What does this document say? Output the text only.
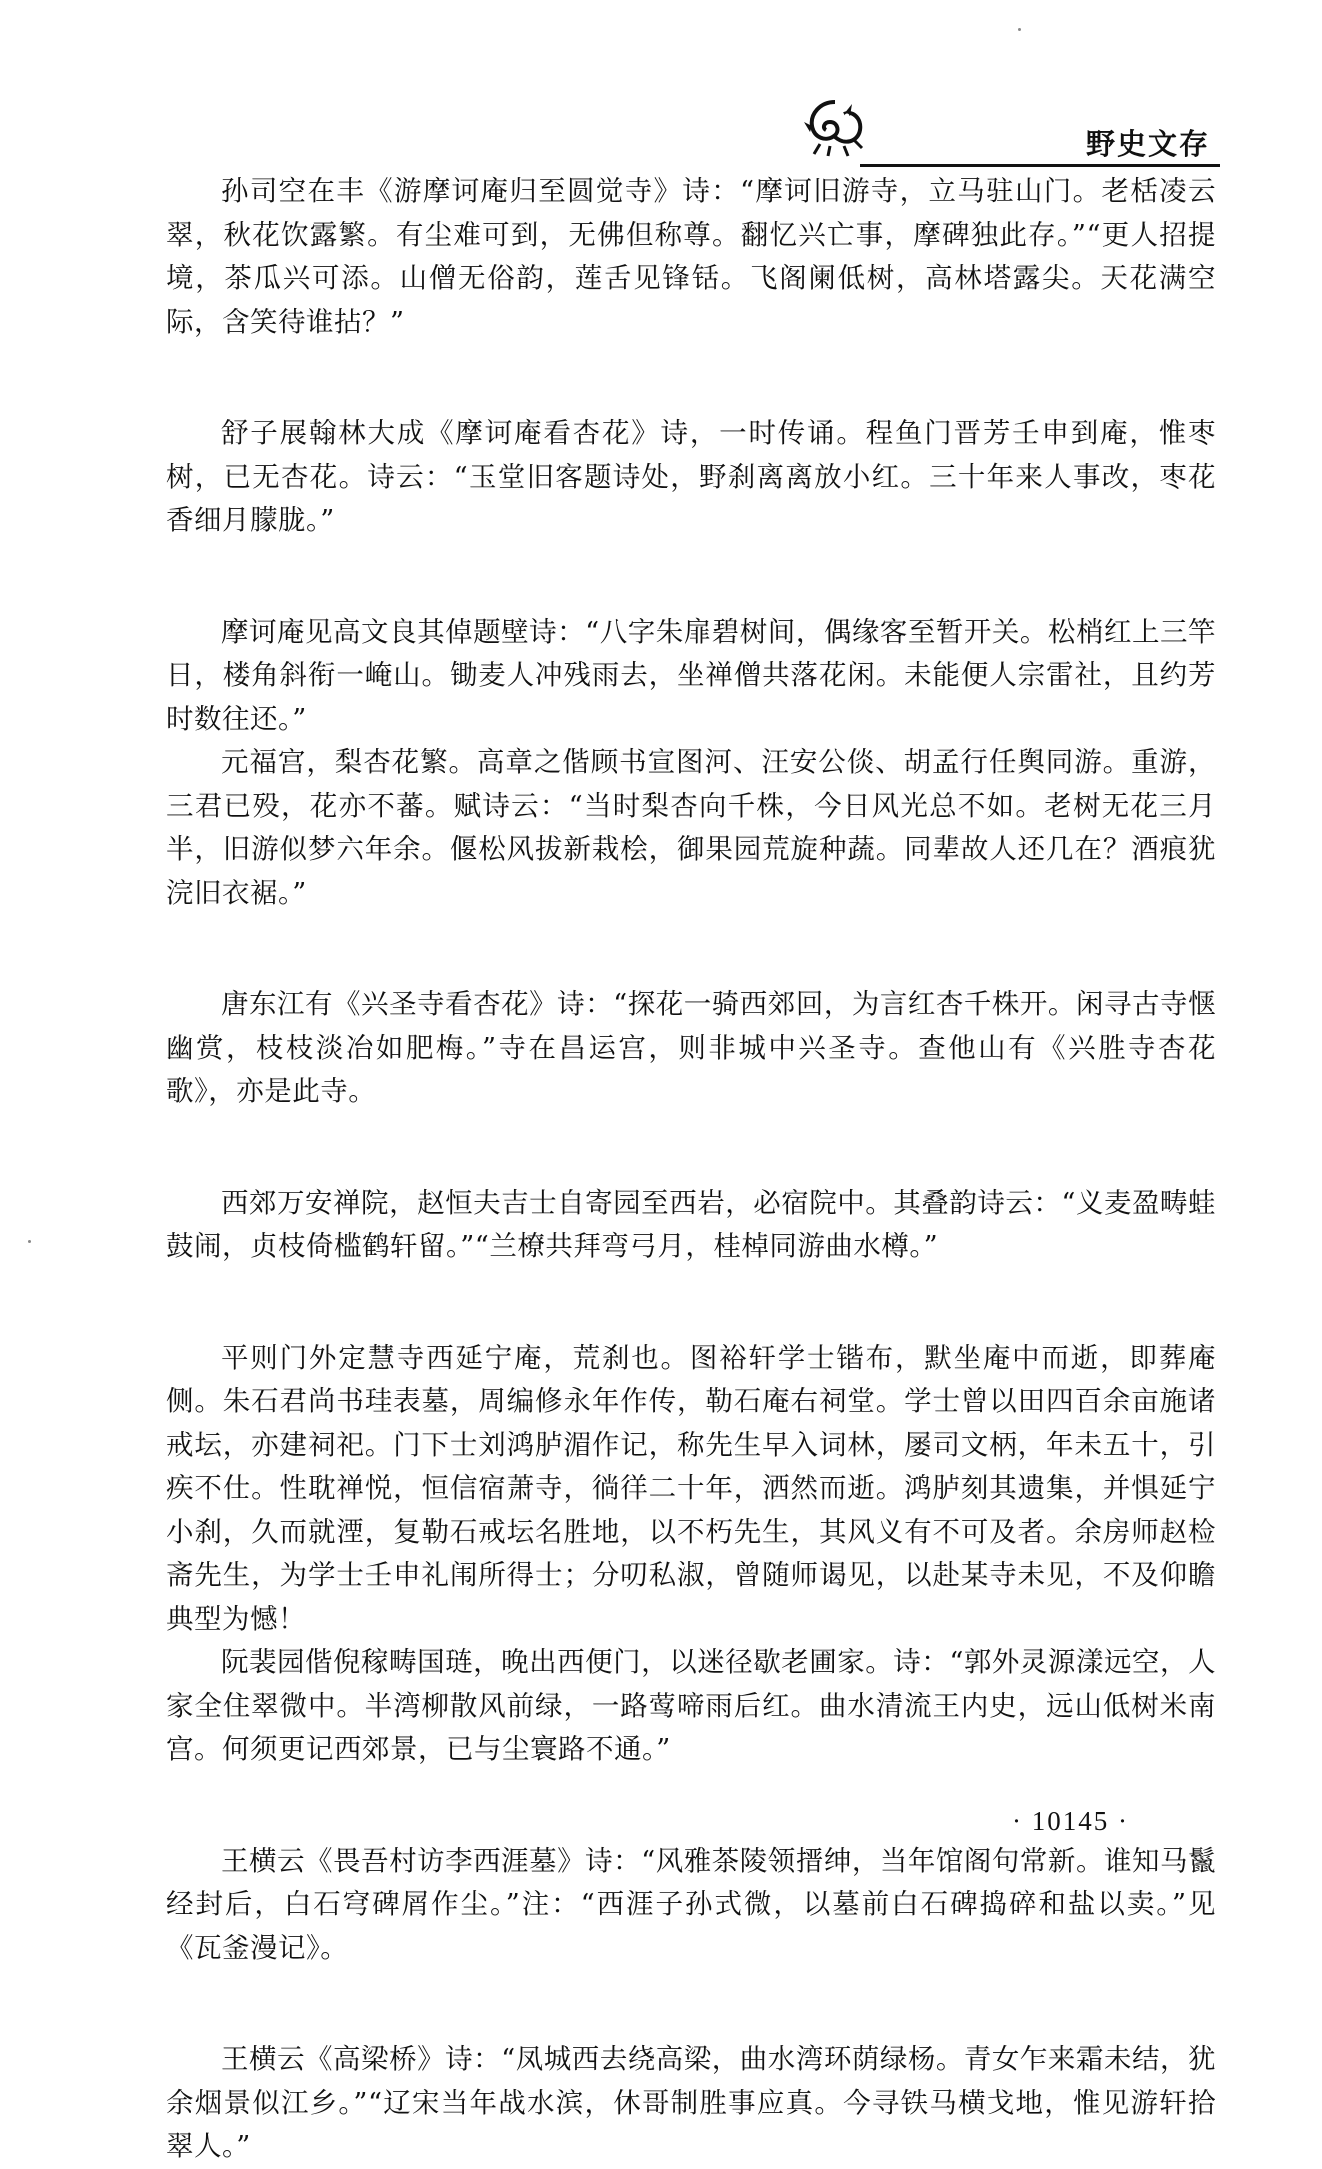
野史文存

孙司空在丰《游摩诃庵归至圆觉寺》诗：“摩诃旧游寺，立马驻山门。老栝凌云翠，秋花饮露繁。有尘难可到，无佛但称尊。翻忆兴亡事，摩碑独此存。”“更人招提境，茶瓜兴可添。山僧无俗韵，莲舌见锋铦。飞阁阑低树，高林塔露尖。天花满空际，含笑待谁拈？”

舒子展翰林大成《摩诃庵看杏花》诗，一时传诵。程鱼门晋芳壬申到庵，惟枣树，已无杏花。诗云：“玉堂旧客题诗处，野刹离离放小红。三十年来人事改，枣花香细月朦胧。”

摩诃庵见高文良其倬题壁诗：“八字朱扉碧树间，偶缘客至暂开关。松梢红上三竿日，楼角斜衔一崦山。锄麦人冲残雨去，坐禅僧共落花闲。未能便人宗雷社，且约芳时数往还。”

元福宫，梨杏花繁。高章之偕顾书宣图河、汪安公倓、胡孟行任舆同游。重游，三君已殁，花亦不蕃。赋诗云：“当时梨杏向千株，今日风光总不如。老树无花三月半，旧游似梦六年余。偃松风拔新栽桧，御果园荒旋种蔬。同辈故人还几在？酒痕犹浣旧衣裾。”

唐东江有《兴圣寺看杏花》诗：“探花一骑西郊回，为言红杏千株开。闲寻古寺惬幽赏，枝枝淡冶如肥梅。”寺在昌运宫，则非城中兴圣寺。查他山有《兴胜寺杏花歌》，亦是此寺。

西郊万安禅院，赵恒夫吉士自寄园至西岩，必宿院中。其叠韵诗云：“义麦盈畴蛙鼓闹，贞枝倚槛鹤轩留。”“兰橑共拜弯弓月，桂棹同游曲水樽。”

平则门外定慧寺西延宁庵，荒刹也。图裕轩学士锴布，默坐庵中而逝，即葬庵侧。朱石君尚书珪表墓，周编修永年作传，勒石庵右祠堂。学士曾以田四百余亩施诸戒坛，亦建祠祀。门下士刘鸿胪湄作记，称先生早入词林，屡司文柄，年未五十，引疾不仕。性耽禅悦，恒信宿萧寺，徜徉二十年，洒然而逝。鸿胪刻其遗集，并惧延宁小刹，久而就湮，复勒石戒坛名胜地，以不朽先生，其风义有不可及者。余房师赵检斋先生，为学士壬申礼闱所得士；分叨私淑，曾随师谒见，以赴某寺未见，不及仰瞻典型为憾！

阮裴园偕倪稼畴国琏，晚出西便门，以迷径歇老圃家。诗：“郭外灵源漾远空，人家全住翠微中。半湾柳散风前绿，一路莺啼雨后红。曲水清流王内史，远山低树米南宫。何须更记西郊景，已与尘寰路不通。”

王横云《畏吾村访李西涯墓》诗：“风雅茶陵领搢绅，当年馆阁句常新。谁知马鬣经封后，白石穹碑屑作尘。”注：“西涯子孙式微，以墓前白石碑捣碎和盐以卖。”见《瓦釜漫记》。

王横云《高梁桥》诗：“凤城西去绕高梁，曲水湾环荫绿杨。青女乍来霜未结，犹余烟景似江乡。”“辽宋当年战水滨，休哥制胜事应真。今寻铁马横戈地，惟见游轩拾翠人。”

· 10145 ·
